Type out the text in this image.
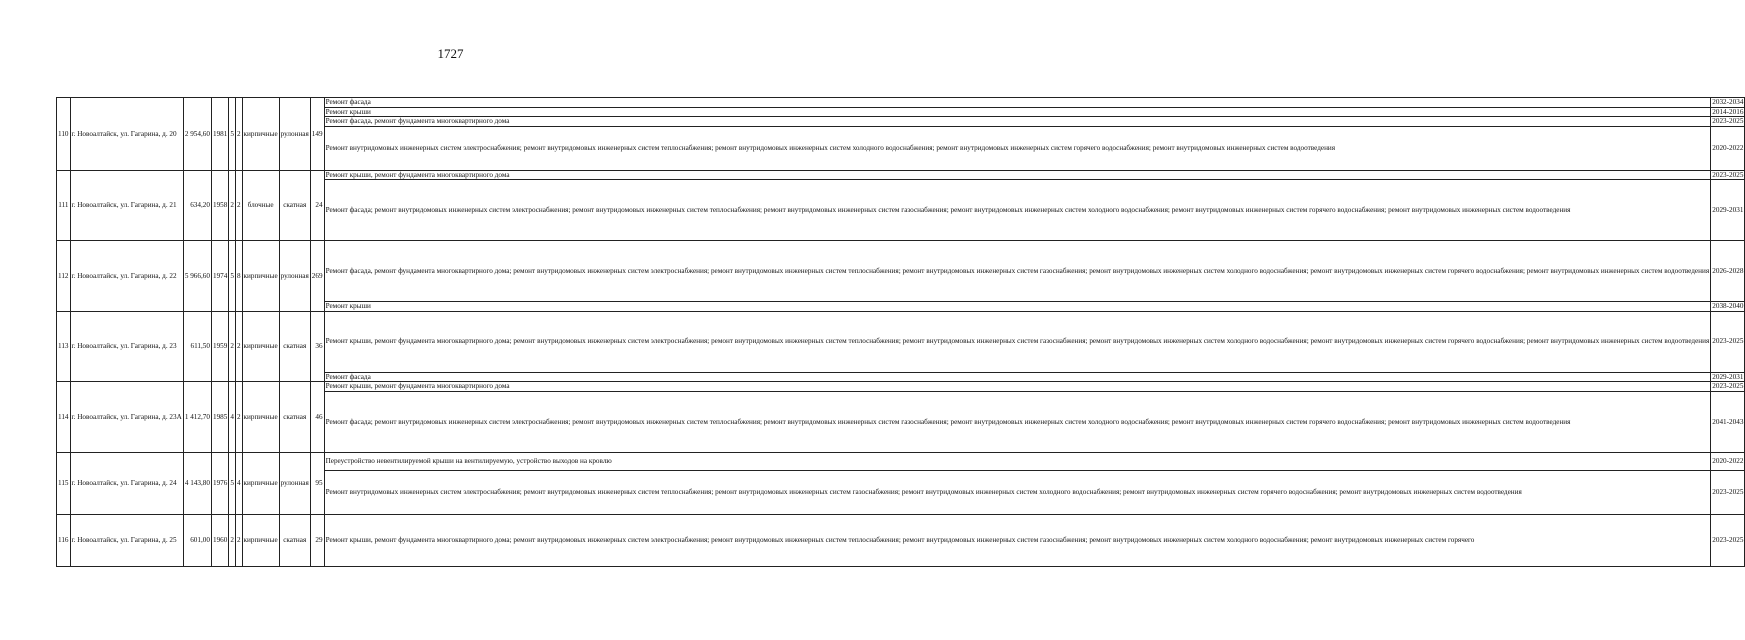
1727
110	г. Новоалтайск, ул. Гагарина, д. 20	2 954,60	1981	5	2	кирпичные	рулонная	149	Ремонт фасада	2032-2034
									Ремонт крыши	2014-2016
									Ремонт фасада, ремонт фундамента многоквартирного дома	2023-2025
									Ремонт внутридомовых инженерных систем электроснабжения; ремонт внутридомовых инженерных систем теплоснабжения; ремонт внутридомовых инженерных систем холодного водоснабжения; ремонт внутридомовых инженерных систем горячего водоснабжения; ремонт внутридомовых инженерных систем водоотведения	2020-2022
111	г. Новоалтайск, ул. Гагарина, д. 21	634,20	1958	2	2	блочные	скатная	24	Ремонт крыши, ремонт фундамента многоквартирного дома	2023-2025
									Ремонт фасада; ремонт внутридомовых инженерных систем электроснабжения; ремонт внутридомовых инженерных систем теплоснабжения; ремонт внутридомовых инженерных систем газоснабжения; ремонт внутридомовых инженерных систем холодного водоснабжения; ремонт внутридомовых инженерных систем горячего водоснабжения; ремонт внутридомовых инженерных систем водоотведения	2029-2031
112	г. Новоалтайск, ул. Гагарина, д. 22	5 966,60	1974	5	8	кирпичные	рулонная	269	Ремонт фасада, ремонт фундамента многоквартирного дома; ремонт внутридомовых инженерных систем электроснабжения; ремонт внутридомовых инженерных систем теплоснабжения; ремонт внутридомовых инженерных систем газоснабжения; ремонт внутридомовых инженерных систем холодного водоснабжения; ремонт внутридомовых инженерных систем горячего водоснабжения; ремонт внутридомовых инженерных систем водоотведения	2026-2028
									Ремонт крыши	2038-2040
113	г. Новоалтайск, ул. Гагарина, д. 23	611,50	1959	2	2	кирпичные	скатная	36	Ремонт крыши, ремонт фундамента многоквартирного дома; ремонт внутридомовых инженерных систем электроснабжения; ремонт внутридомовых инженерных систем теплоснабжения; ремонт внутридомовых инженерных систем газоснабжения; ремонт внутридомовых инженерных систем холодного водоснабжения; ремонт внутридомовых инженерных систем горячего водоснабжения; ремонт внутридомовых инженерных систем водоотведения	2023-2025
									Ремонт фасада	2029-2031
114	г. Новоалтайск, ул. Гагарина, д. 23А	1 412,70	1985	4	2	кирпичные	скатная	46	Ремонт крыши, ремонт фундамента многоквартирного дома	2023-2025
									Ремонт фасада; ремонт внутридомовых инженерных систем электроснабжения; ремонт внутридомовых инженерных систем теплоснабжения; ремонт внутридомовых инженерных систем газоснабжения; ремонт внутридомовых инженерных систем холодного водоснабжения; ремонт внутридомовых инженерных систем горячего водоснабжения; ремонт внутридомовых инженерных систем водоотведения	2041-2043
115	г. Новоалтайск, ул. Гагарина, д. 24	4 143,80	1976	5	4	кирпичные	рулонная	95	Переустройство невентилируемой крыши на вентилируемую, устройство выходов на кровлю	2020-2022
									Ремонт внутридомовых инженерных систем электроснабжения; ремонт внутридомовых инженерных систем теплоснабжения; ремонт внутридомовых инженерных систем газоснабжения; ремонт внутридомовых инженерных систем холодного водоснабжения; ремонт внутридомовых инженерных систем горячего водоснабжения; ремонт внутридомовых инженерных систем водоотведения	2023-2025
116	г. Новоалтайск, ул. Гагарина, д. 25	601,00	1960	2	2	кирпичные	скатная	29	Ремонт крыши, ремонт фундамента многоквартирного дома; ремонт внутридомовых инженерных систем электроснабжения; ремонт внутридомовых инженерных систем теплоснабжения; ремонт внутридомовых инженерных систем газоснабжения; ремонт внутридомовых инженерных систем холодного водоснабжения; ремонт внутридомовых инженерных систем горячего	2023-2025
